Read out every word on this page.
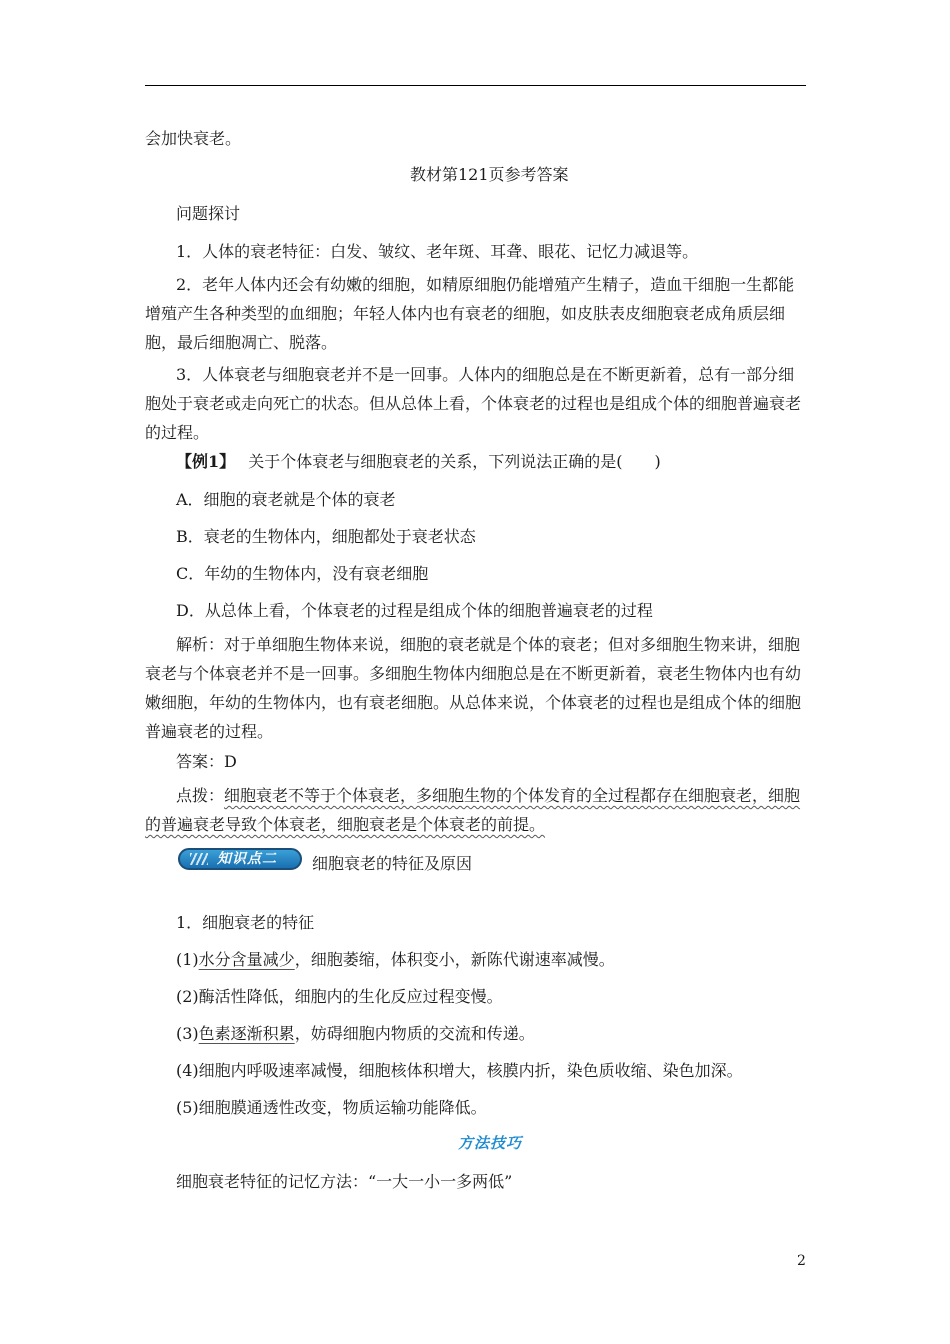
会加快衰老。
教材第121页参考答案
问题探讨
1．人体的衰老特征：白发、皱纹、老年斑、耳聋、眼花、记忆力减退等。
2．老年人体内还会有幼嫩的细胞，如精原细胞仍能增殖产生精子，造血干细胞一生都能增殖产生各种类型的血细胞；年轻人体内也有衰老的细胞，如皮肤表皮细胞衰老成角质层细胞，最后细胞凋亡、脱落。
3．人体衰老与细胞衰老并不是一回事。人体内的细胞总是在不断更新着，总有一部分细胞处于衰老或走向死亡的状态。但从总体上看，个体衰老的过程也是组成个体的细胞普遍衰老的过程。
【例1】 关于个体衰老与细胞衰老的关系，下列说法正确的是(　　)
A．细胞的衰老就是个体的衰老
B．衰老的生物体内，细胞都处于衰老状态
C．年幼的生物体内，没有衰老细胞
D．从总体上看，个体衰老的过程是组成个体的细胞普遍衰老的过程
解析：对于单细胞生物体来说，细胞的衰老就是个体的衰老；但对多细胞生物来讲，细胞衰老与个体衰老并不是一回事。多细胞生物体内细胞总是在不断更新着，衰老生物体内也有幼嫩细胞，年幼的生物体内，也有衰老细胞。从总体来说，个体衰老的过程也是组成个体的细胞普遍衰老的过程。
答案：D
点拨：细胞衰老不等于个体衰老，多细胞生物的个体发育的全过程都存在细胞衰老，细胞的普遍衰老导致个体衰老，细胞衰老是个体衰老的前提。
知识点二	细胞衰老的特征及原因
1．细胞衰老的特征
(1)水分含量减少，细胞萎缩，体积变小，新陈代谢速率减慢。
(2)酶活性降低，细胞内的生化反应过程变慢。
(3)色素逐渐积累，妨碍细胞内物质的交流和传递。
(4)细胞内呼吸速率减慢，细胞核体积增大，核膜内折，染色质收缩、染色加深。
(5)细胞膜通透性改变，物质运输功能降低。
方法技巧
细胞衰老特征的记忆方法：“一大一小一多两低”
2
